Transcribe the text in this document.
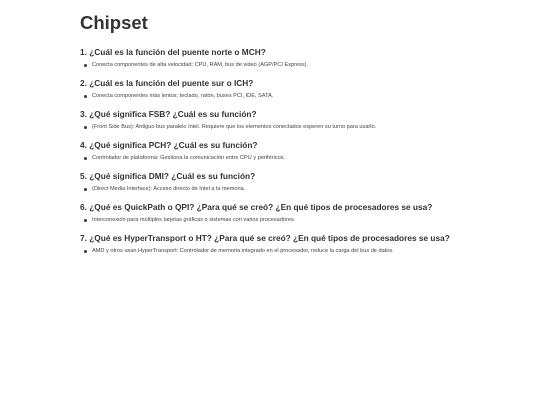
Chipset
1. ¿Cuál es la función del puente norte o MCH?
Conecta componentes de alta velocidad: CPU, RAM, bus de video (AGP/PCI Express).
2. ¿Cuál es la función del puente sur o ICH?
Conecta componentes más lentos: teclado, ratón, buses PCI, IDE, SATA.
3. ¿Qué significa FSB? ¿Cuál es su función?
(Front Side Bus): Antiguo bus paralelo Intel. Requiere que los elementos conectados esperen su turno para usarlo.
4. ¿Qué significa PCH? ¿Cuál es su función?
Controlador de plataforma: Gestiona la comunicación entre CPU y periféricos.
5. ¿Qué significa DMI? ¿Cuál es su función?
(Direct Media Interface): Acceso directo de Intel a la memoria.
6. ¿Qué es QuickPath o QPI? ¿Para qué se creó? ¿En qué tipos de procesadores se usa?
Interconexión para múltiples tarjetas gráficas o sistemas con varios procesadores.
7. ¿Qué es HyperTransport o HT? ¿Para qué se creó? ¿En qué tipos de procesadores se usa?
AMD y otros usan HyperTransport: Controlador de memoria integrado en el procesador, reduce la carga del bus de datos.
